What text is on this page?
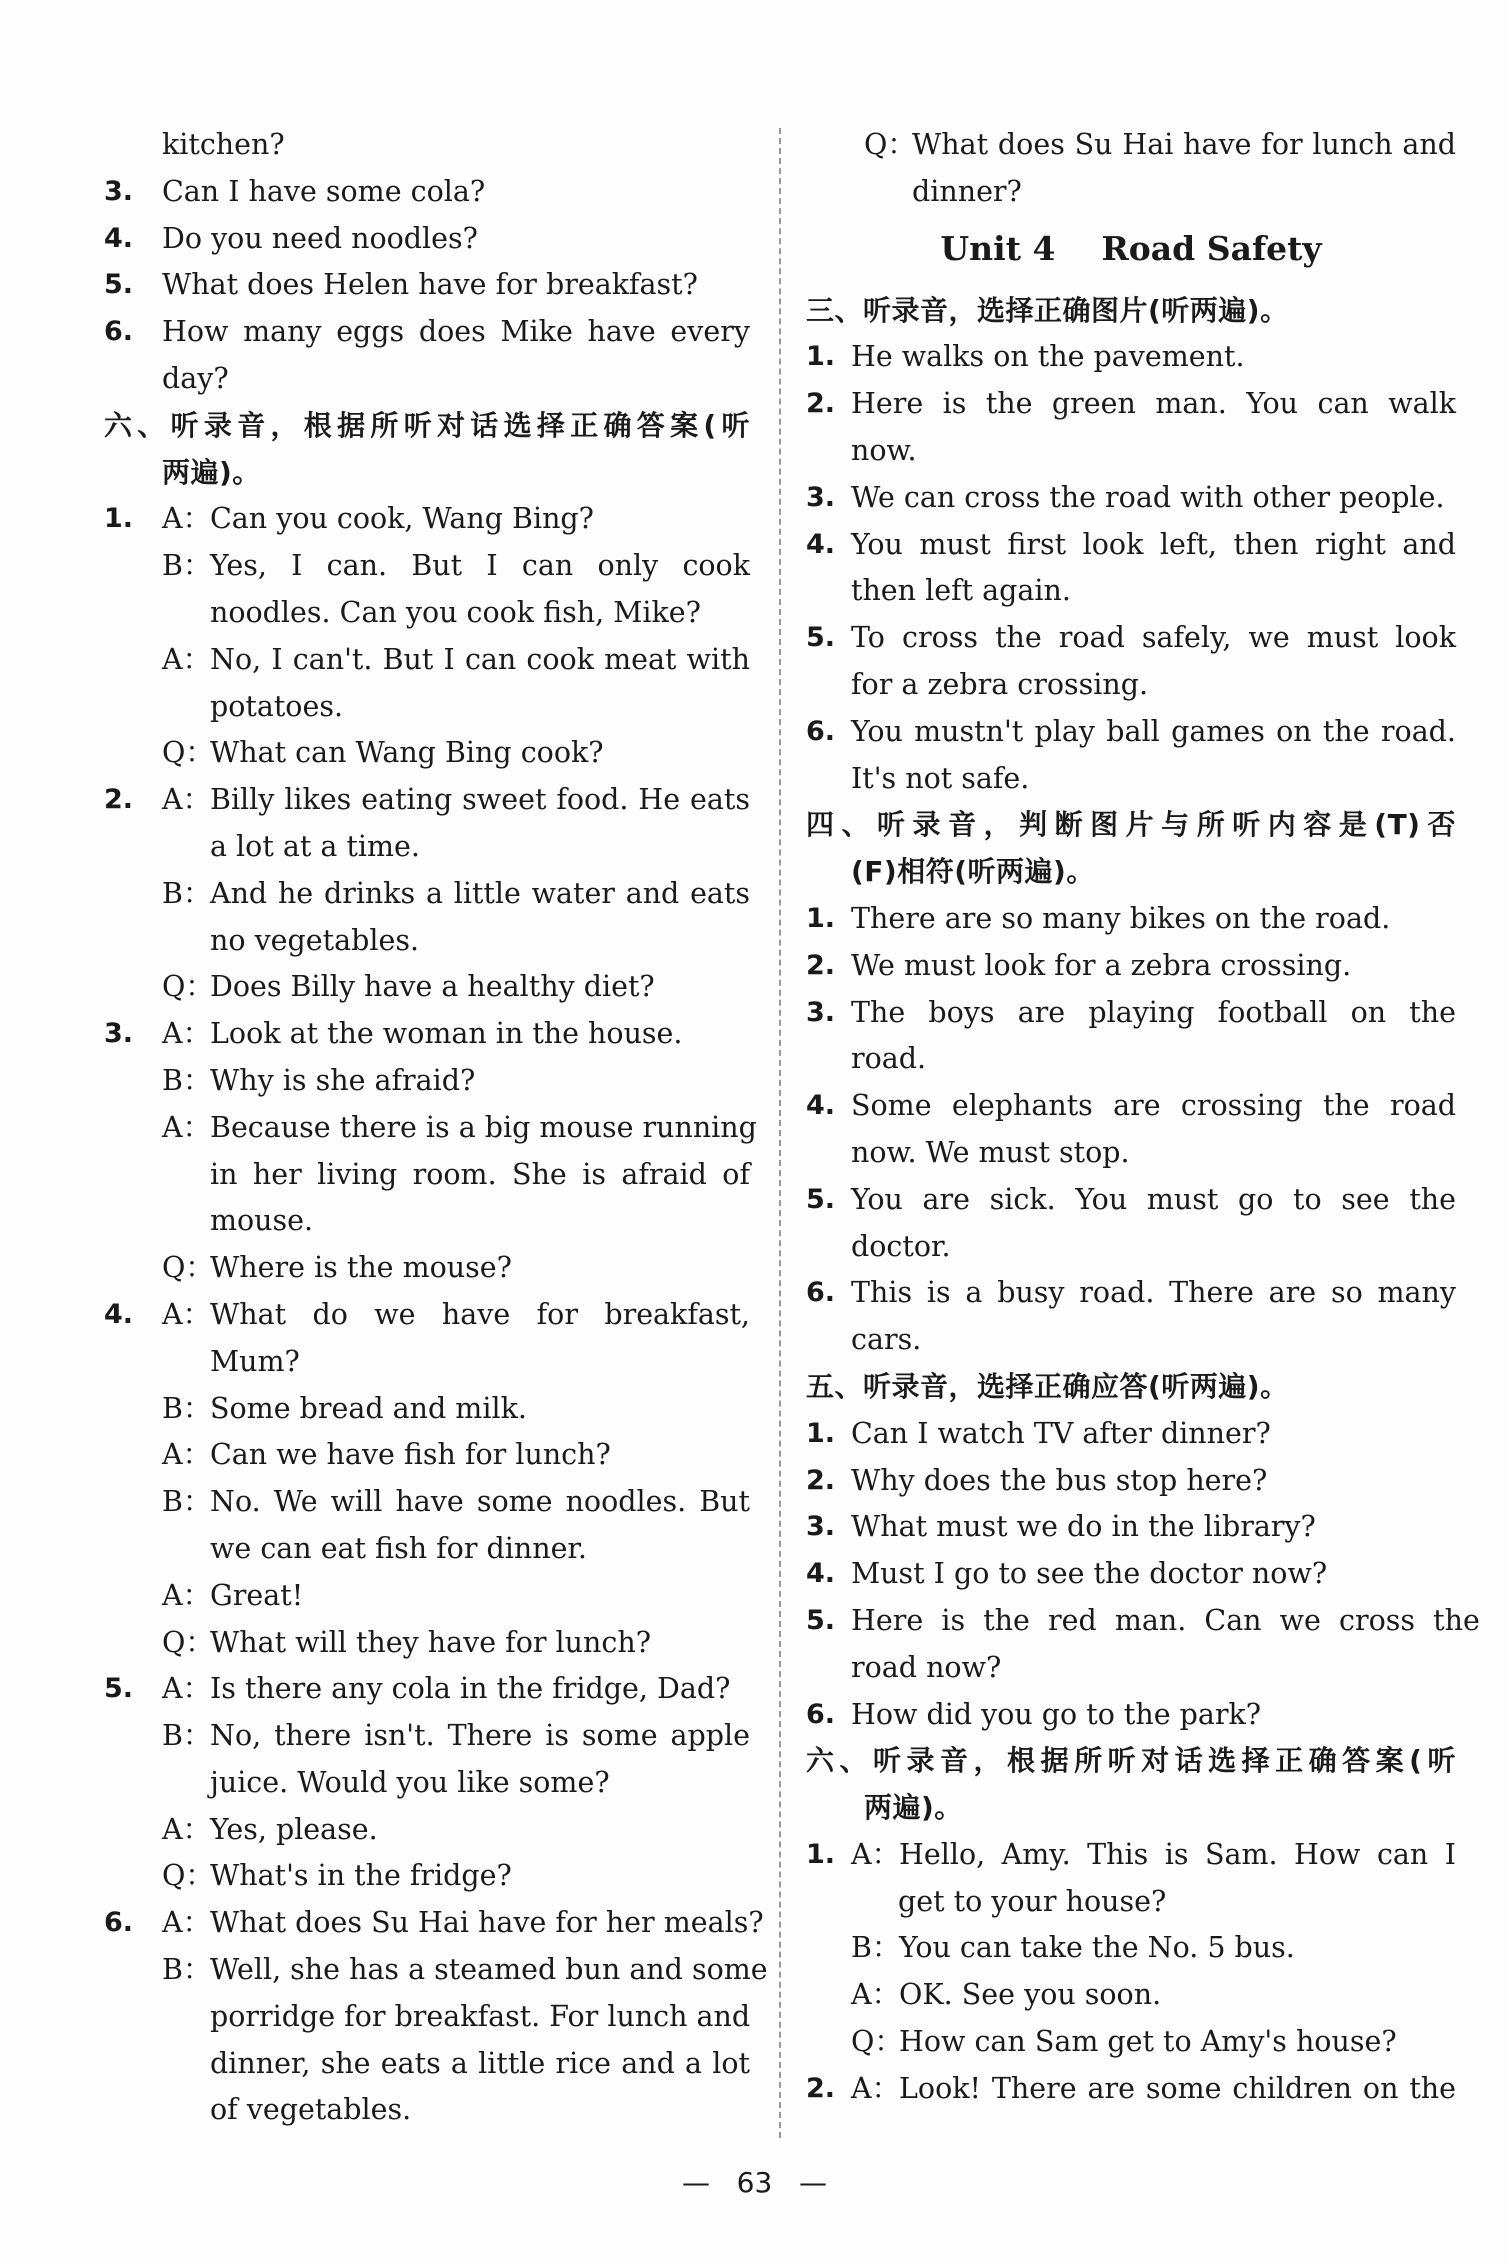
kitchen?
3. Can I have some cola?
4. Do you need noodles?
5. What does Helen have for breakfast?
6. How many eggs does Mike have every
day?
六、听录音，根据所听对话选择正确答案(听
两遍)。
1. A：
Can you cook, Wang Bing?
B：
Yes,  I  can.  But  I  can  only  cook
noodles. Can you cook fish, Mike?
A：
No, I can't. But I can cook meat with
potatoes.
Q：
What can Wang Bing cook?
2. A：
Billy likes eating sweet food. He eats
a lot at a time.
B：
And he drinks a little water and eats
no vegetables.
Q：
Does Billy have a healthy diet?
3. A：
Look at the woman in the house.
B：
Why is she afraid?
A：
Because there is a big mouse running
in her living room. She is afraid of
mouse.
Q：
Where is the mouse?
4. A：
What  do  we  have  for  breakfast,
Mum?
B：
Some bread and milk.
A：
Can we have fish for lunch?
B：
No. We will have some noodles. But
we can eat fish for dinner.
A：
Great!
Q：
What will they have for lunch?
5. A：
Is there any cola in the fridge, Dad?
B：
No, there isn't. There is some apple
juice. Would you like some?
A：
Yes, please.
Q：
What's in the fridge?
6. A：
What does Su Hai have for her meals?
B：
Well, she has a steamed bun and some
porridge for breakfast. For lunch and
dinner, she eats a little rice and a lot
of vegetables.
Q：
What does Su Hai have for lunch and
dinner?
Unit 4    Road Safety
三、听录音，选择正确图片(听两遍)。
1. He walks on the pavement.
2. Here  is  the  green  man.  You  can  walk
now.
3. We can cross the road with other people.
4. You must first look left, then right and
then left again.
5. To cross the road safely, we must look
for a zebra crossing.
6. You mustn't play ball games on the road.
It's not safe.
四、听录音，判断图片与所听内容是(T)否
(F)相符(听两遍)。
1. There are so many bikes on the road.
2. We must look for a zebra crossing.
3. The  boys  are  playing  football  on  the
road.
4. Some  elephants  are  crossing  the  road
now. We must stop.
5. You  are  sick.  You  must  go  to  see  the
doctor.
6. This is a busy road. There are so many
cars.
五、听录音，选择正确应答(听两遍)。
1. Can I watch TV after dinner?
2. Why does the bus stop here?
3. What must we do in the library?
4. Must I go to see the doctor now?
5. Here  is  the  red  man.  Can  we  cross  the
road now?
6. How did you go to the park?
六、听录音，根据所听对话选择正确答案(听
两遍)。
1. A：
Hello, Amy. This is Sam. How can I
get to your house?
B：
You can take the No. 5 bus.
A：
OK. See you soon.
Q：
How can Sam get to Amy's house?
2. A：
Look! There are some children on the
— 63 —
